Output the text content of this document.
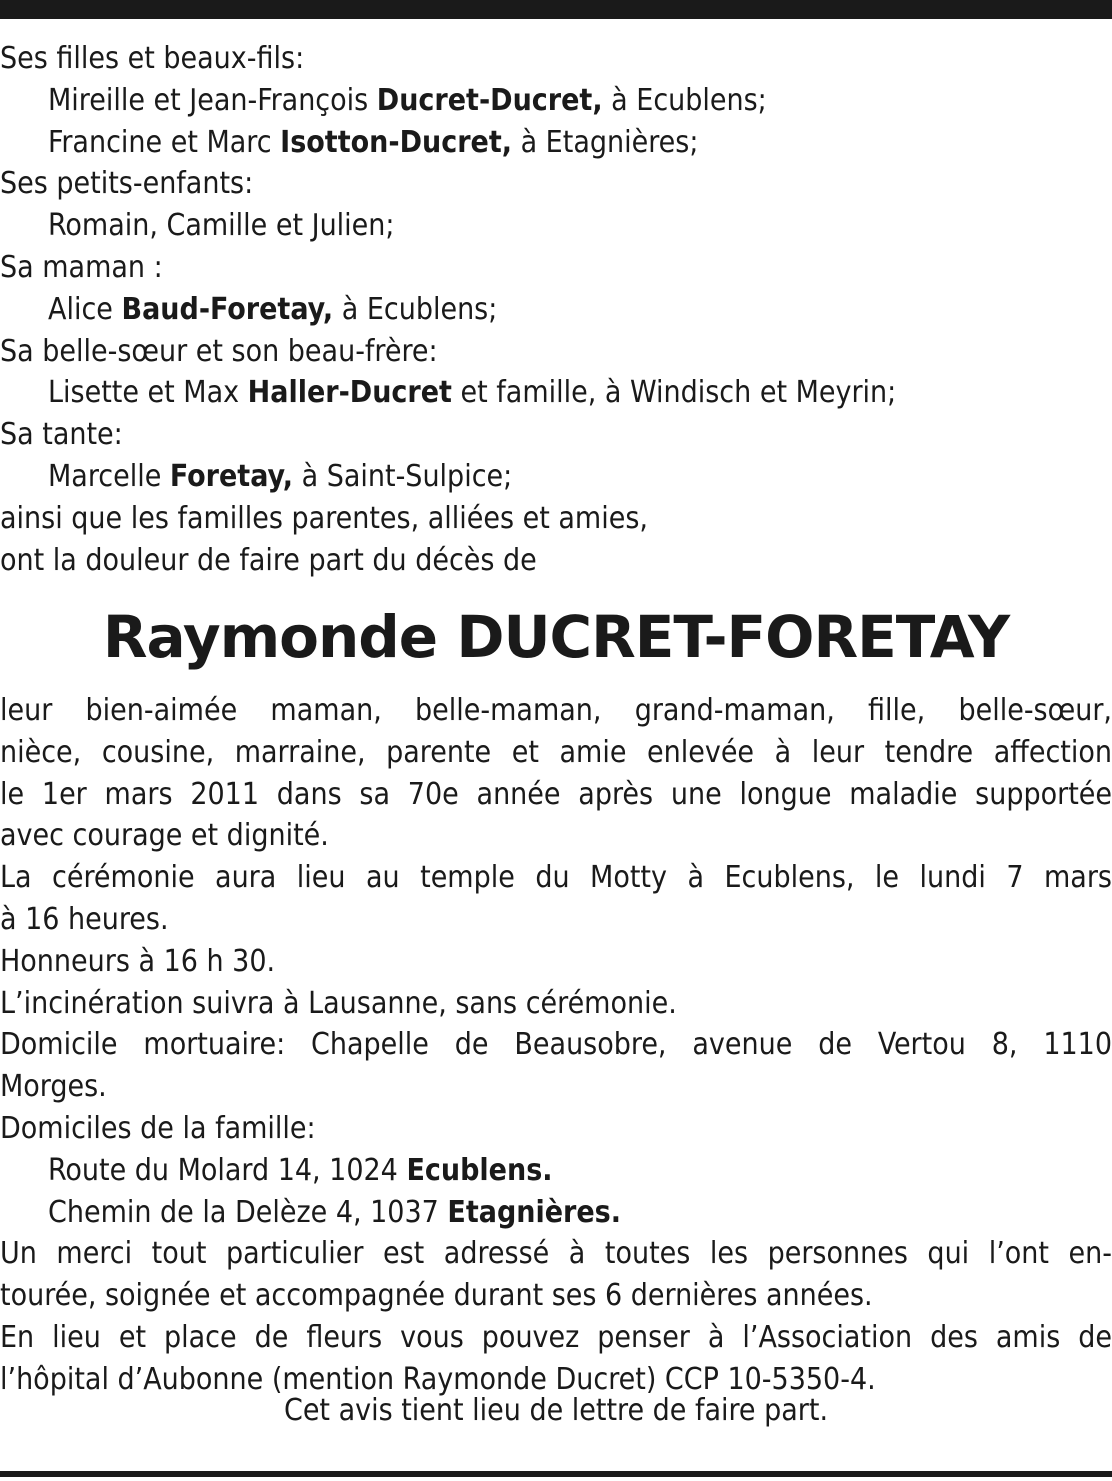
Ses filles et beaux-fils:
Mireille et Jean-François Ducret-Ducret, à Ecublens;
Francine et Marc Isotton-Ducret, à Etagnières;
Ses petits-enfants:
Romain, Camille et Julien;
Sa maman :
Alice Baud-Foretay, à Ecublens;
Sa belle-sœur et son beau-frère:
Lisette et Max Haller-Ducret et famille, à Windisch et Meyrin;
Sa tante:
Marcelle Foretay, à Saint-Sulpice;
ainsi que les familles parentes, alliées et amies,
ont la douleur de faire part du décès de
Raymonde DUCRET-FORETAY
leur bien-aimée maman, belle-maman, grand-maman, fille, belle-sœur,
nièce, cousine, marraine, parente et amie enlevée à leur tendre affection
le 1er mars 2011 dans sa 70e année après une longue maladie supportée
avec courage et dignité.
La cérémonie aura lieu au temple du Motty à Ecublens, le lundi 7 mars
à 16 heures.
Honneurs à 16 h 30.
L’incinération suivra à Lausanne, sans cérémonie.
Domicile mortuaire: Chapelle de Beausobre, avenue de Vertou 8, 1110
Morges.
Domiciles de la famille:
Route du Molard 14, 1024 Ecublens.
Chemin de la Delèze 4, 1037 Etagnières.
Un merci tout particulier est adressé à toutes les personnes qui l’ont en-
tourée, soignée et accompagnée durant ses 6 dernières années.
En lieu et place de fleurs vous pouvez penser à l’Association des amis de
l’hôpital d’Aubonne (mention Raymonde Ducret) CCP 10-5350-4.
Cet avis tient lieu de lettre de faire part.
